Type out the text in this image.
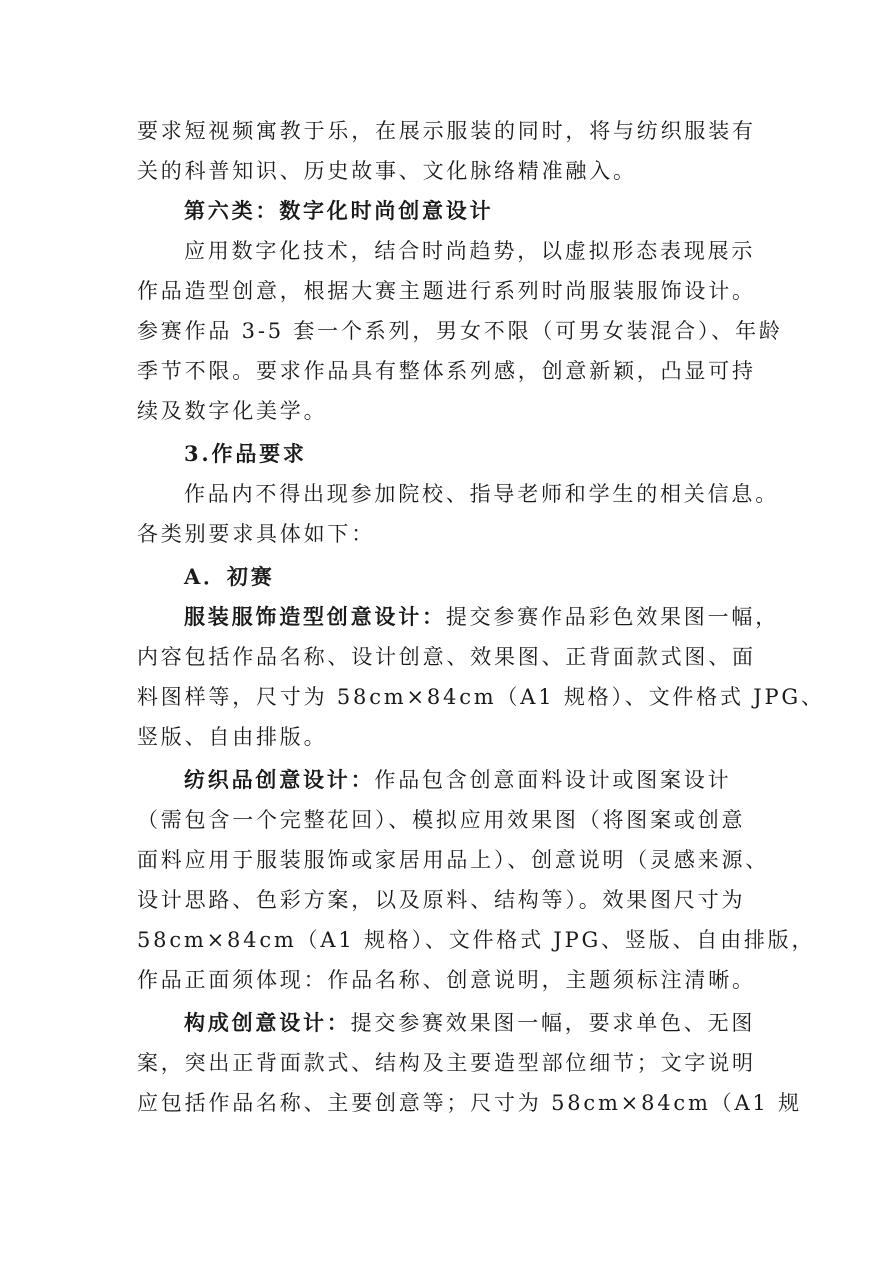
要求短视频寓教于乐，在展示服装的同时，将与纺织服装有
关的科普知识、历史故事、文化脉络精准融入。
第六类：数字化时尚创意设计
应用数字化技术，结合时尚趋势，以虚拟形态表现展示
作品造型创意，根据大赛主题进行系列时尚服装服饰设计。
参赛作品 3-5 套一个系列，男女不限（可男女装混合）、年龄
季节不限。要求作品具有整体系列感，创意新颖，凸显可持
续及数字化美学。
3.作品要求
作品内不得出现参加院校、指导老师和学生的相关信息。
各类别要求具体如下：
A．初赛
服装服饰造型创意设计：提交参赛作品彩色效果图一幅，
内容包括作品名称、设计创意、效果图、正背面款式图、面
料图样等，尺寸为 58cm×84cm（A1 规格）、文件格式 JPG、
竖版、自由排版。
纺织品创意设计：作品包含创意面料设计或图案设计
（需包含一个完整花回）、模拟应用效果图（将图案或创意
面料应用于服装服饰或家居用品上）、创意说明（灵感来源、
设计思路、色彩方案，以及原料、结构等）。效果图尺寸为
58cm×84cm（A1 规格）、文件格式 JPG、竖版、自由排版，
作品正面须体现：作品名称、创意说明，主题须标注清晰。
构成创意设计：提交参赛效果图一幅，要求单色、无图
案，突出正背面款式、结构及主要造型部位细节；文字说明
应包括作品名称、主要创意等；尺寸为 58cm×84cm（A1 规
